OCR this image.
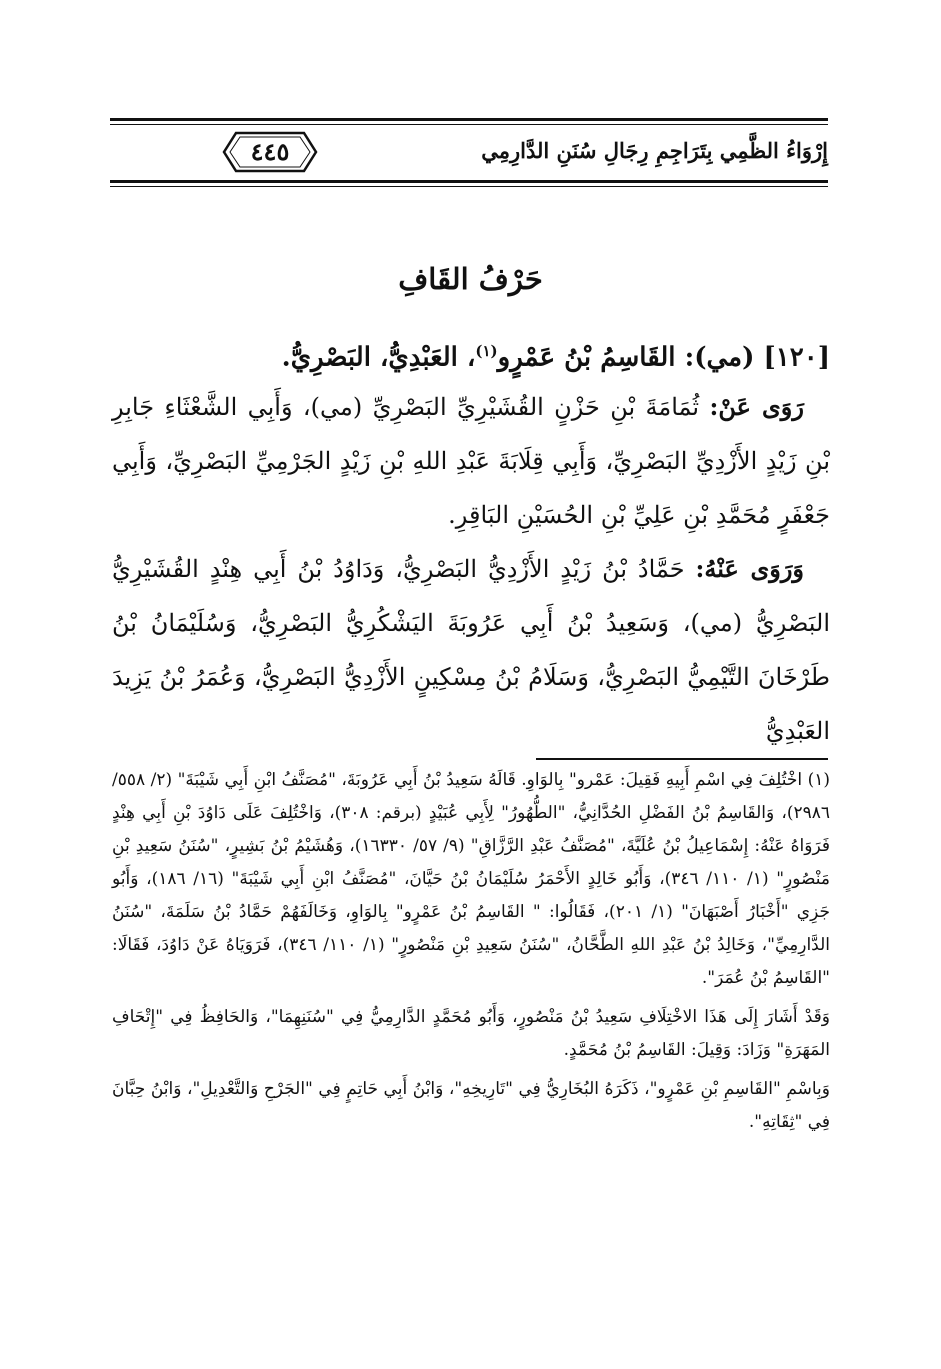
٤٤٥	إِرْوَاءُ الظَّمِي بِتَرَاجِمِ رِجَالِ سُنَنِ الدَّارِمِي
حَرْفُ القَافِ
[١٢٠] (مي): القَاسِمُ بْنُ عَمْرٍو$^{(١)}$، العَبْدِيُّ، البَصْرِيُّ.

رَوَى عَنْ: ثُمَامَةَ بْنِ حَزْنٍ القُشَيْرِيِّ البَصْرِيِّ (مي)، وَأَبِي الشَّعْثَاءِ جَابِرِ بْنِ زَيْدٍ الأَزْدِيِّ البَصْرِيِّ، وَأَبِي قِلَابَةَ عَبْدِ اللهِ بْنِ زَيْدٍ الجَرْمِيِّ البَصْرِيِّ، وَأَبِي جَعْفَرٍ مُحَمَّدِ بْنِ عَلِيِّ بْنِ الحُسَيْنِ البَاقِرِ.

وَرَوَى عَنْهُ: حَمَّادُ بْنُ زَيْدٍ الأَزْدِيُّ البَصْرِيُّ، وَدَاوُدُ بْنُ أَبِي هِنْدٍ القُشَيْرِيُّ البَصْرِيُّ (مي)، وَسَعِيدُ بْنُ أَبِي عَرُوبَةَ اليَشْكُرِيُّ البَصْرِيُّ، وَسُلَيْمَانُ بْنُ طَرْخَانَ التَّيْمِيُّ البَصْرِيُّ، وَسَلَامُ بْنُ مِسْكِينٍ الأَزْدِيُّ البَصْرِيُّ، وَعُمَرُ بْنُ يَزِيدَ العَبْدِيُّ

(١) اخْتُلِفَ فِي اسْمِ أَبِيهِ فَقِيلَ: عَمْرو" بِالوَاوِ. قَالَهُ سَعِيدُ بْنُ أَبِي عَرُوبَةَ، "مُصَنَّفُ ابْنِ أَبِي شَيْبَةَ" (٢/ ٥٥٨/ ٢٩٨٦)، وَالقَاسِمُ بْنُ الفَضْلِ الحُدَّانِيُّ، "الطُّهُورُ" لِأَبِي عُبَيْدٍ (برقم: ٣٠٨)، وَاخْتُلِفَ عَلَى دَاوُدَ بْنِ أَبِي هِنْدٍ فَرَوَاهُ عَنْهُ: إِسْمَاعِيلُ بْنُ عُلَيَّةَ، "مُصَنَّفُ عَبْدِ الرَّزَّاقِ" (٩/ ٥٧/ ١٦٣٣٠)، وَهُشَيْمُ بْنُ بَشِيرٍ، "سُنَنُ سَعِيدِ بْنِ مَنْصُورٍ" (١/ ١١٠/ ٣٤٦)، وَأَبُو خَالِدٍ الأَحْمَرُ سُلَيْمَانُ بْنُ حَيَّانَ، "مُصَنَّفُ ابْنِ أَبِي شَيْبَةَ" (١٦/ ١٨٦)، وَأَبُو جَزِي "أَخْبَارُ أَصْبَهَانَ" (١/ ٢٠١)، فَقَالُوا: " القَاسِمُ بْنُ عَمْرٍو" بِالوَاوِ، وَخَالَفَهُمْ حَمَّادُ بْنُ سَلَمَةَ، "سُنَنُ الدَّارِمِيِّ"، وَخَالِدُ بْنُ عَبْدِ اللهِ الطَّحَّانُ، "سُنَنُ سَعِيدِ بْنِ مَنْصُورٍ" (١/ ١١٠/ ٣٤٦)، فَرَوَيَاهُ عَنْ دَاوُدَ، فَقَالَا: "القَاسِمُ بْنُ عُمَرَ".

وَقَدْ أَشَارَ إِلَى هَذَا الاخْتِلَافِ سَعِيدُ بْنُ مَنْصُورٍ، وَأَبُو مُحَمَّدٍ الدَّارِمِيُّ فِي "سُنَنِهِمَا"، وَالحَافِظُ فِي "إِتْحَافِ المَهَرَةِ" وَزَادَ: وَقِيلَ: القَاسِمُ بْنُ مُحَمَّدٍ.

وَبِاسْمِ "القَاسِمِ بْنِ عَمْرٍو"، ذَكَرَهُ البُخَارِيُّ فِي "تَارِيخِهِ"، وَابْنُ أَبِي حَاتِمٍ فِي "الجَرْحِ وَالتَّعْدِيلِ"، وَابْنُ حِبَّانَ فِي "ثِقَاتِهِ".
